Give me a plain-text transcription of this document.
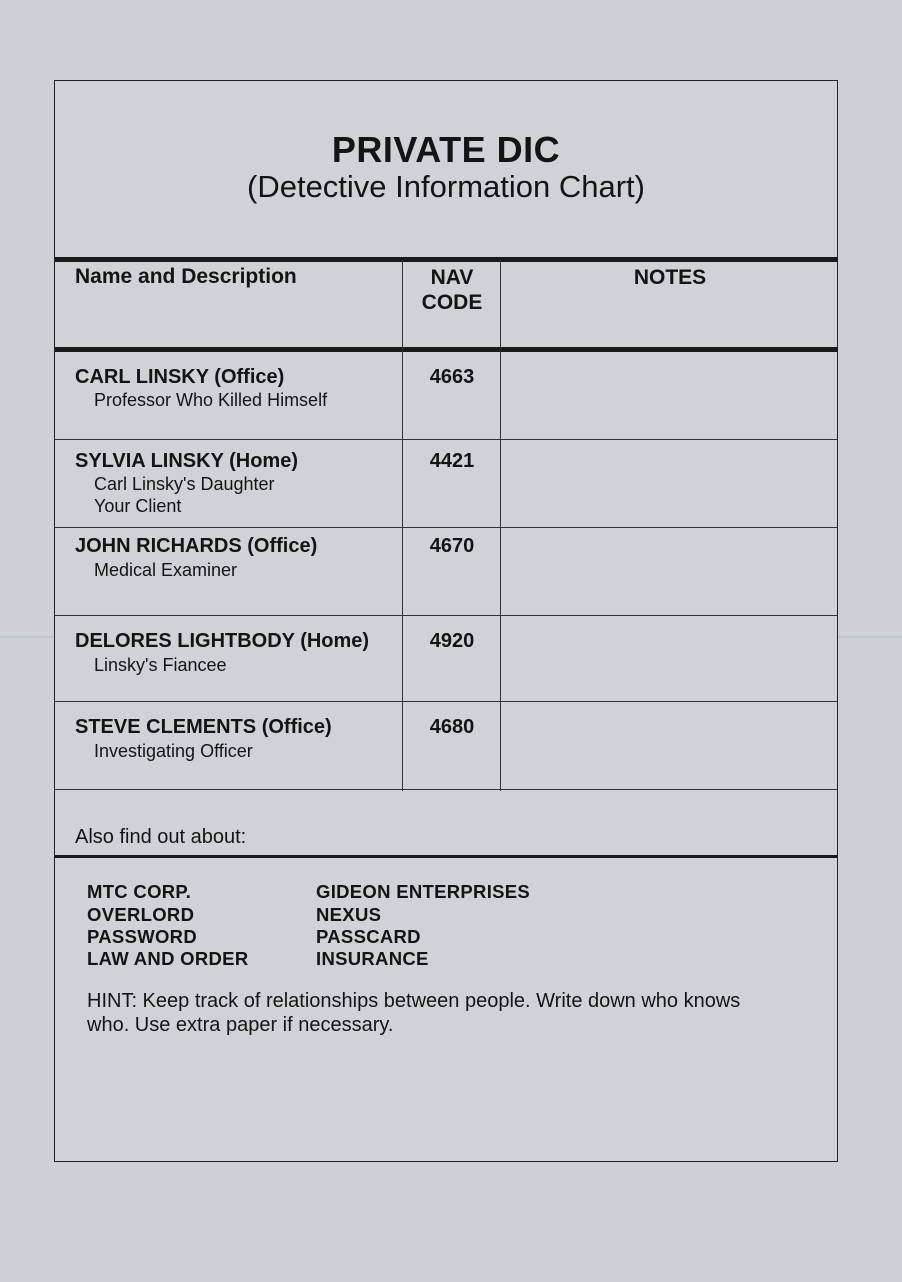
PRIVATE DIC
(Detective Information Chart)
Name and Description	NAV
CODE
NOTES
CARL LINSKY (Office)
Professor Who Killed Himself
4663
SYLVIA LINSKY (Home)
Carl Linsky's Daughter
Your Client
4421
JOHN RICHARDS (Office)
Medical Examiner
4670
DELORES LIGHTBODY (Home)
Linsky's Fiancee
4920
STEVE CLEMENTS (Office)
Investigating Officer
4680
Also find out about:
MTC CORP.
OVERLORD
PASSWORD
LAW AND ORDER
GIDEON ENTERPRISES
NEXUS
PASSCARD
INSURANCE
HINT: Keep track of relationships between people. Write down who knows who. Use extra paper if necessary.
